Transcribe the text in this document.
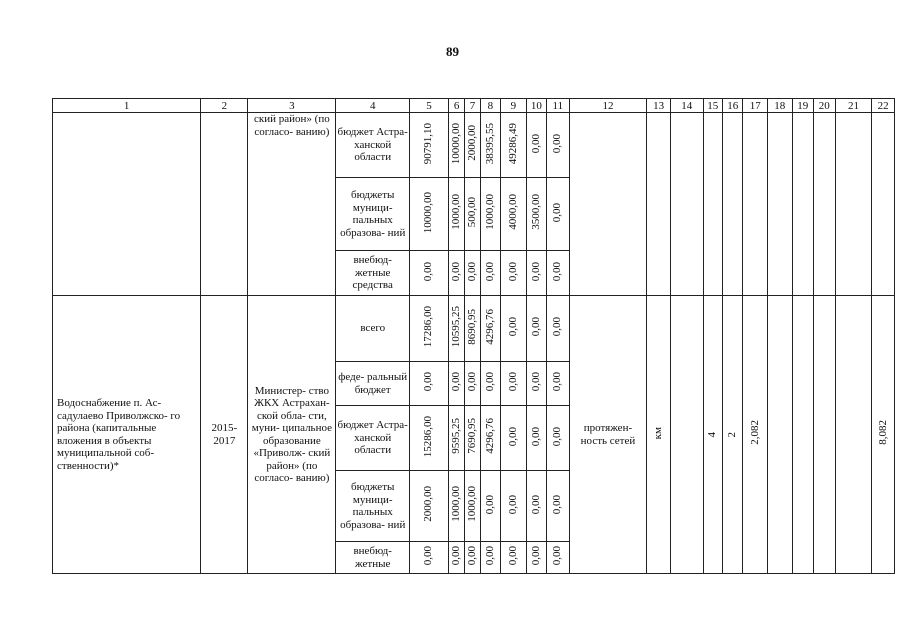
89
1	2	3	4	5	6	7	8	9	10	11	12	13	14	15	16	17	18	19	20	21	22
		ский район» (по согласо- ванию)	бюджет Астра- ханской области	90791,10	10000,00	2000,00	38395,55	49286,49	0,00	0,00											
			бюджеты муници- пальных образова- ний	10000,00	1000,00	500,00	1000,00	4000,00	3500,00	0,00											
			внебюд- жетные средства	0,00	0,00	0,00	0,00	0,00	0,00	0,00											
Водоснабжение п. Ас- садулаево Приволжско- го района (капитальные вложения в объекты муниципальной соб- ственности)*	2015- 2017	Министер- ство ЖКХ Астрахан- ской обла- сти, муни- ципальное образование «Приволж- ский район» (по согласо- ванию)	всего	17286,00	10595,25	8690,95	4296,76	0,00	0,00	0,00	протяжен- ность сетей	км		4	2	2,082					8,082
			феде- ральный бюджет	0,00	0,00	0,00	0,00	0,00	0,00	0,00											
			бюджет Астра- ханской области	15286,00	9595,25	7690,95	4296,76	0,00	0,00	0,00											
			бюджеты муници- пальных образова- ний	2000,00	1000,00	1000,00	0,00	0,00	0,00	0,00											
			внебюд- жетные	0,00	0,00	0,00	0,00	0,00	0,00	0,00											
